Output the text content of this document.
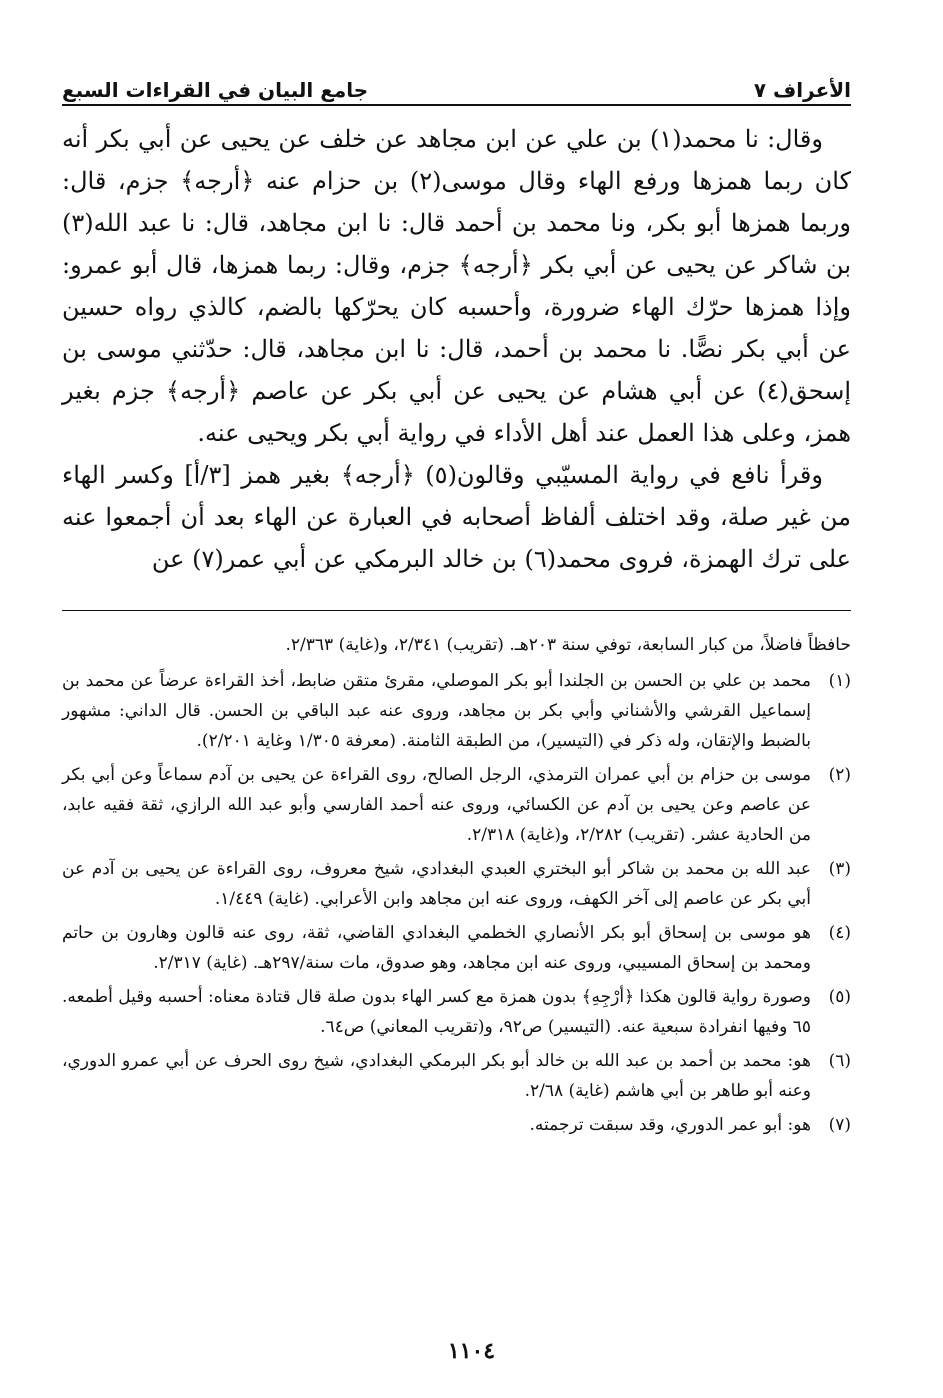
الأعراف ٧
جامع البيان في القراءات السبع

وقال: نا محمد(١) بن علي عن ابن مجاهد عن خلف عن يحيى عن أبي بكر أنه كان ربما همزها ورفع الهاء وقال موسى(٢) بن حزام عنه ﴿أرجه﴾ جزم، قال: وربما همزها أبو بكر، ونا محمد بن أحمد قال: نا ابن مجاهد، قال: نا عبد الله(٣) بن شاكر عن يحيى عن أبي بكر ﴿أرجه﴾ جزم، وقال: ربما همزها، قال أبو عمرو: وإذا همزها حرّك الهاء ضرورة، وأحسبه كان يحرّكها بالضم، كالذي رواه حسين عن أبي بكر نصًّا. نا محمد بن أحمد، قال: نا ابن مجاهد، قال: حدّثني موسى بن إسحق(٤) عن أبي هشام عن يحيى عن أبي بكر عن عاصم ﴿أرجه﴾ جزم بغير همز، وعلى هذا العمل عند أهل الأداء في رواية أبي بكر ويحيى عنه.

وقرأ نافع في رواية المسيّبي وقالون(٥) ﴿أرجه﴾ بغير همز [٣/أ] وكسر الهاء من غير صلة، وقد اختلف ألفاظ أصحابه في العبارة عن الهاء بعد أن أجمعوا عنه على ترك الهمزة، فروى محمد(٦) بن خالد البرمكي عن أبي عمر(٧) عن

حافظاً فاضلاً، من كبار السابعة، توفي سنة ٢٠٣هـ. (تقريب) ٢/٣٤١، و(غاية) ٢/٣٦٣.

(١)
محمد بن علي بن الحسن بن الجلندا أبو بكر الموصلي، مقرئ متقن ضابط، أخذ القراءة عرضاً عن محمد بن إسماعيل القرشي والأشناني وأبي بكر بن مجاهد، وروى عنه عبد الباقي بن الحسن. قال الداني: مشهور بالضبط والإتقان، وله ذكر في (التيسير)، من الطبقة الثامنة. (معرفة ١/٣٠٥ وغاية ٢/٢٠١).
(٢)
موسى بن حزام بن أبي عمران الترمذي، الرجل الصالح، روى القراءة عن يحيى بن آدم سماعاً وعن أبي بكر عن عاصم وعن يحيى بن آدم عن الكسائي، وروى عنه أحمد الفارسي وأبو عبد الله الرازي، ثقة فقيه عابد، من الحادية عشر. (تقريب) ٢/٢٨٢، و(غاية) ٢/٣١٨.
(٣)
عبد الله بن محمد بن شاكر أبو البختري العبدي البغدادي، شيخ معروف، روى القراءة عن يحيى بن آدم عن أبي بكر عن عاصم إلى آخر الكهف، وروى عنه ابن مجاهد وابن الأعرابي. (غاية) ١/٤٤٩.
(٤)
هو موسى بن إسحاق أبو بكر الأنصاري الخطمي البغدادي القاضي، ثقة، روى عنه قالون وهارون بن حاتم ومحمد بن إسحاق المسيبي، وروى عنه ابن مجاهد، وهو صدوق، مات سنة/٢٩٧هـ. (غاية) ٢/٣١٧.
(٥)
وصورة رواية قالون هكذا ﴿أرْجِهِ﴾ بدون همزة مع كسر الهاء بدون صلة قال قتادة معناه: أحسبه وقيل أطمعه. ٦٥ وفيها انفرادة سبعية عنه. (التيسير) ص٩٢، و(تقريب المعاني) ص٦٤.
(٦)
هو: محمد بن أحمد بن عبد الله بن خالد أبو بكر البرمكي البغدادي، شيخ روى الحرف عن أبي عمرو الدوري، وعنه أبو طاهر بن أبي هاشم (غاية) ٢/٦٨.
(٧)
هو: أبو عمر الدوري، وقد سبقت ترجمته.
١١٠٤
